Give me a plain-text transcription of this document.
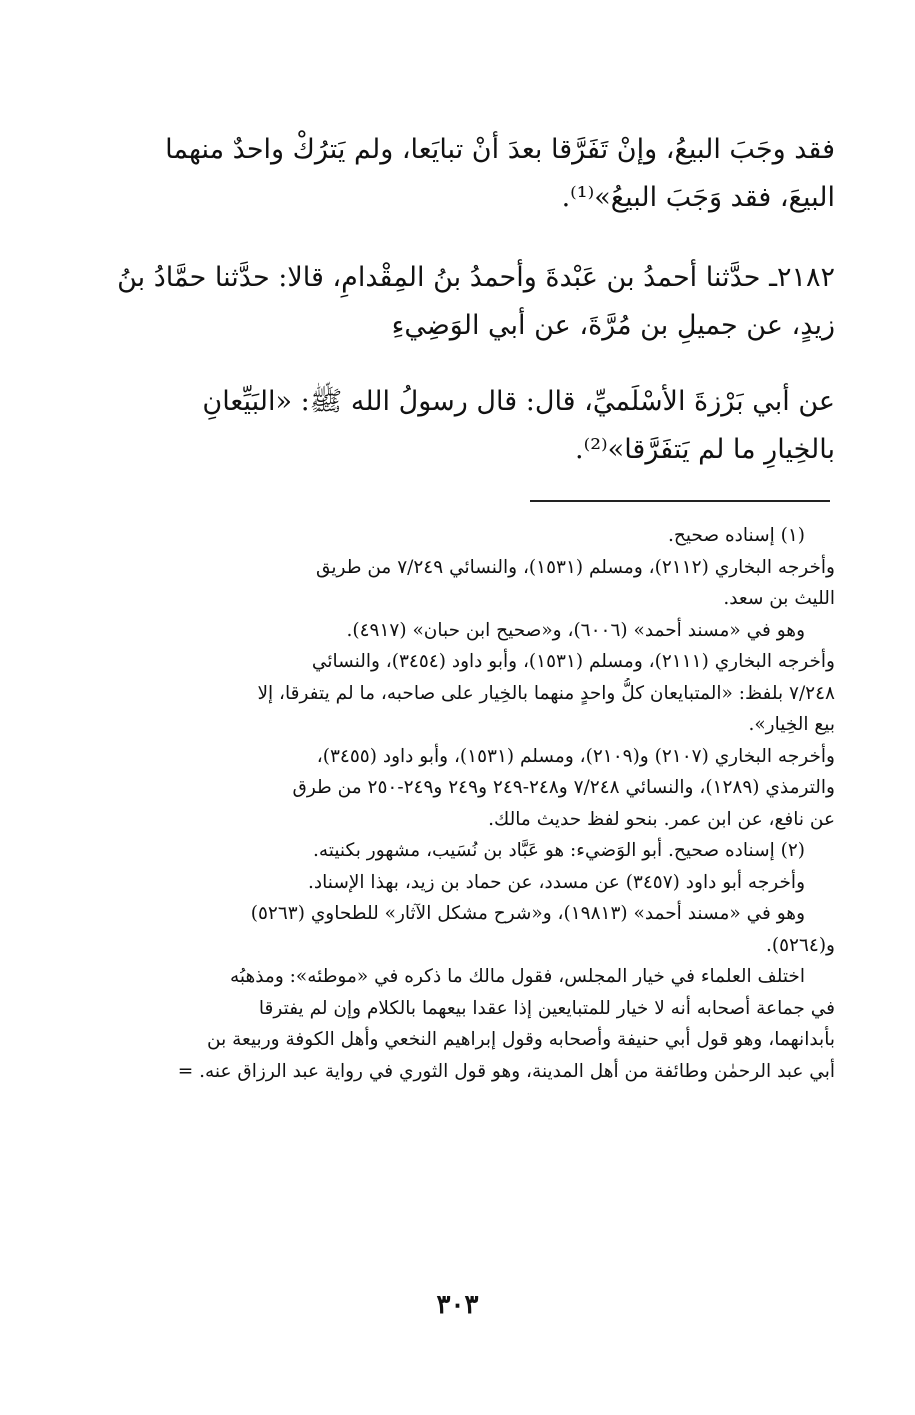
فقد وجَبَ البيعُ، وإنْ تَفَرَّقا بعدَ أنْ تبايَعا، ولم يَترُكْ واحدٌ منهما
البيعَ، فقد وَجَبَ البيعُ»⁽¹⁾.
٢١٨٢ـ حدَّثنا أحمدُ بن عَبْدةَ وأحمدُ بنُ المِقْدامِ، قالا: حدَّثنا حمَّادُ بنُ
زيدٍ، عن جميلِ بن مُرَّةَ، عن أبي الوَضِيءِ
عن أبي بَرْزةَ الأسْلَميِّ، قال: قال رسولُ الله ﷺ: «البَيِّعانِ
بالخِيارِ ما لم يَتفَرَّقا»⁽²⁾.
(١) إسناده صحيح.
وأخرجه البخاري (٢١١٢)، ومسلم (١٥٣١)، والنسائي ٧/٢٤٩ من طريق
الليث بن سعد.
وهو في «مسند أحمد» (٦٠٠٦)، و«صحيح ابن حبان» (٤٩١٧).
وأخرجه البخاري (٢١١١)، ومسلم (١٥٣١)، وأبو داود (٣٤٥٤)، والنسائي
٧/٢٤٨ بلفظ: «المتبايعان كلُّ واحدٍ منهما بالخِيار على صاحبه، ما لم يتفرقا، إلا
بيع الخِيار».
وأخرجه البخاري (٢١٠٧) و(٢١٠٩)، ومسلم (١٥٣١)، وأبو داود (٣٤٥٥)،
والترمذي (١٢٨٩)، والنسائي ٧/٢٤٨ و٢٤٨-٢٤٩ و٢٤٩ و٢٤٩-٢٥٠ من طرق
عن نافع، عن ابن عمر. بنحو لفظ حديث مالك.
(٢) إسناده صحيح. أبو الوَضيء: هو عَبَّاد بن نُسَيب، مشهور بكنيته.
وأخرجه أبو داود (٣٤٥٧) عن مسدد، عن حماد بن زيد، بهذا الإسناد.
وهو في «مسند أحمد» (١٩٨١٣)، و«شرح مشكل الآثار» للطحاوي (٥٢٦٣)
و(٥٢٦٤).
اختلف العلماء في خيار المجلس، فقول مالك ما ذكره في «موطئه»: ومذهبُه
في جماعة أصحابه أنه لا خيار للمتبايعين إذا عقدا بيعهما بالكلام وإن لم يفترقا
بأبدانهما، وهو قول أبي حنيفة وأصحابه وقول إبراهيم النخعي وأهل الكوفة وربيعة بن
أبي عبد الرحمٰن وطائفة من أهل المدينة، وهو قول الثوري في رواية عبد الرزاق عنه. =
٣٠٣
